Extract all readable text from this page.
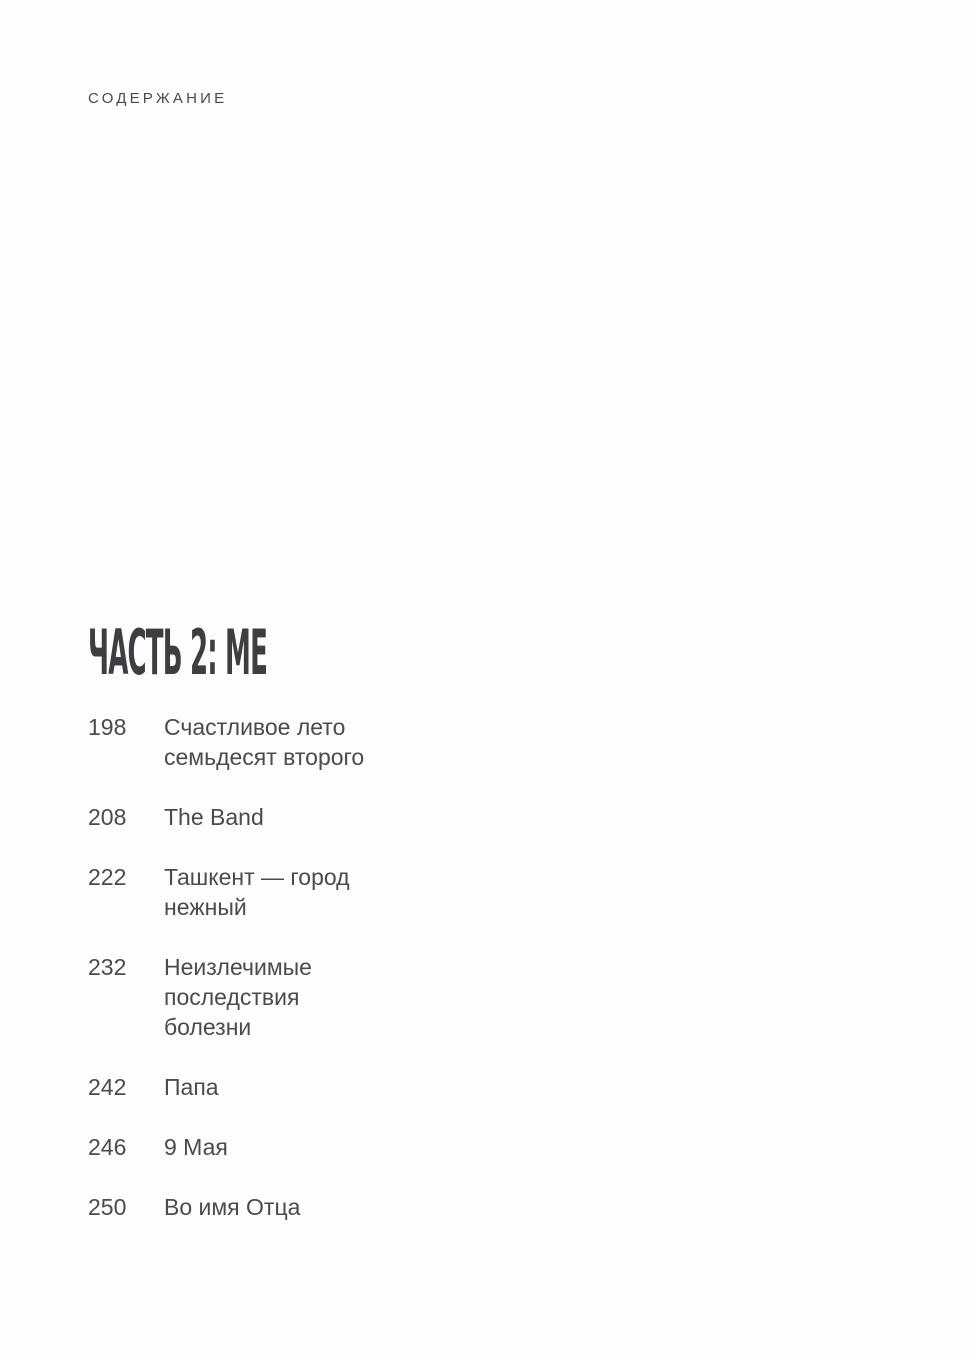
СОДЕРЖАНИЕ
ЧАСТЬ 2: ME
198	Счастливое лето семьдесят второго
208	The Band
222	Ташкент — город нежный
232	Неизлечимые последствия болезни
242	Папа
246	9 Мая
250	Во имя Отца
